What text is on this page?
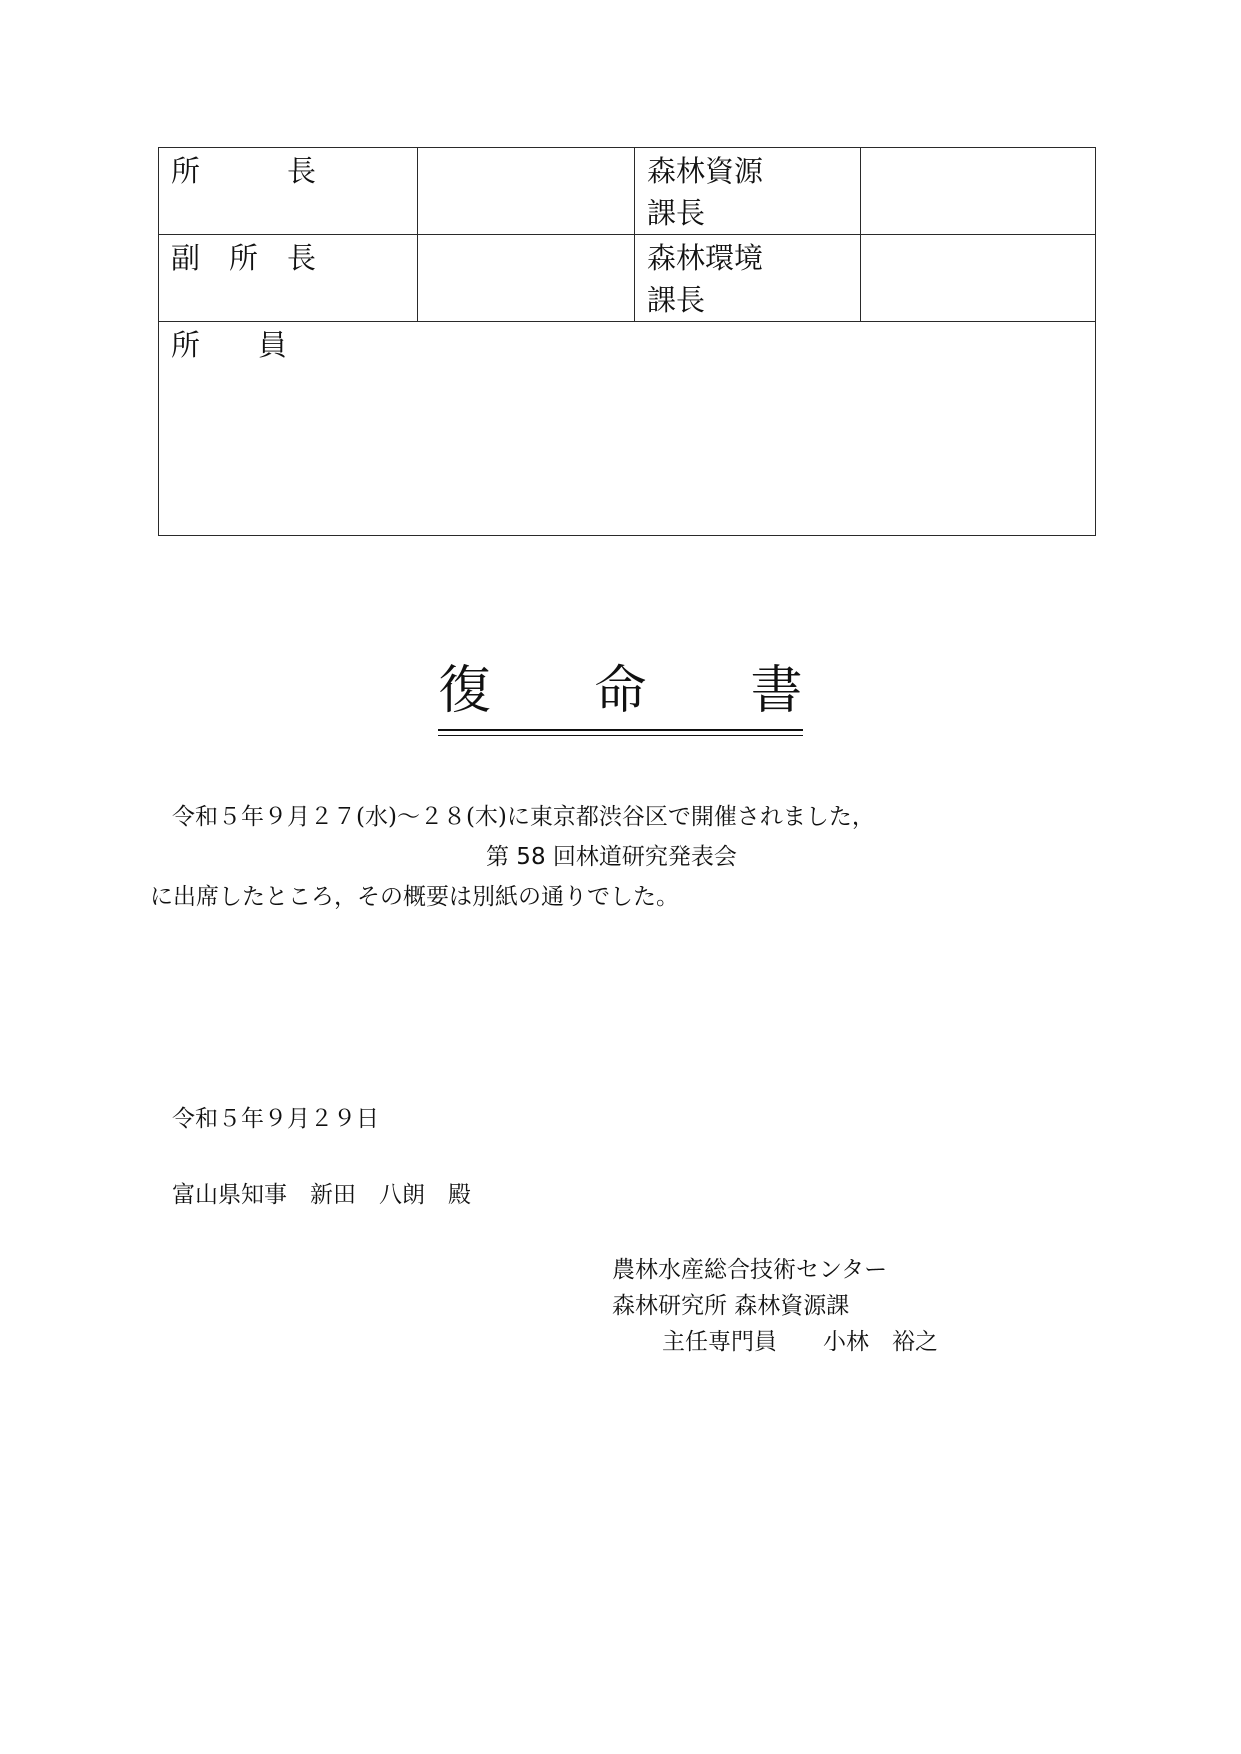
所　　　長		森林資源
課長	

副　所　長		森林環境
課長	

所　　員			
復　　命　　書
令和５年９月２７(水)～２８(木)に東京都渋谷区で開催されました，
第 58 回林道研究発表会
に出席したところ，その概要は別紙の通りでした。
令和５年９月２９日
富山県知事　新田　八朗　殿
農林水産総合技術センター
森林研究所 森林資源課
主任専門員　　小林　裕之
